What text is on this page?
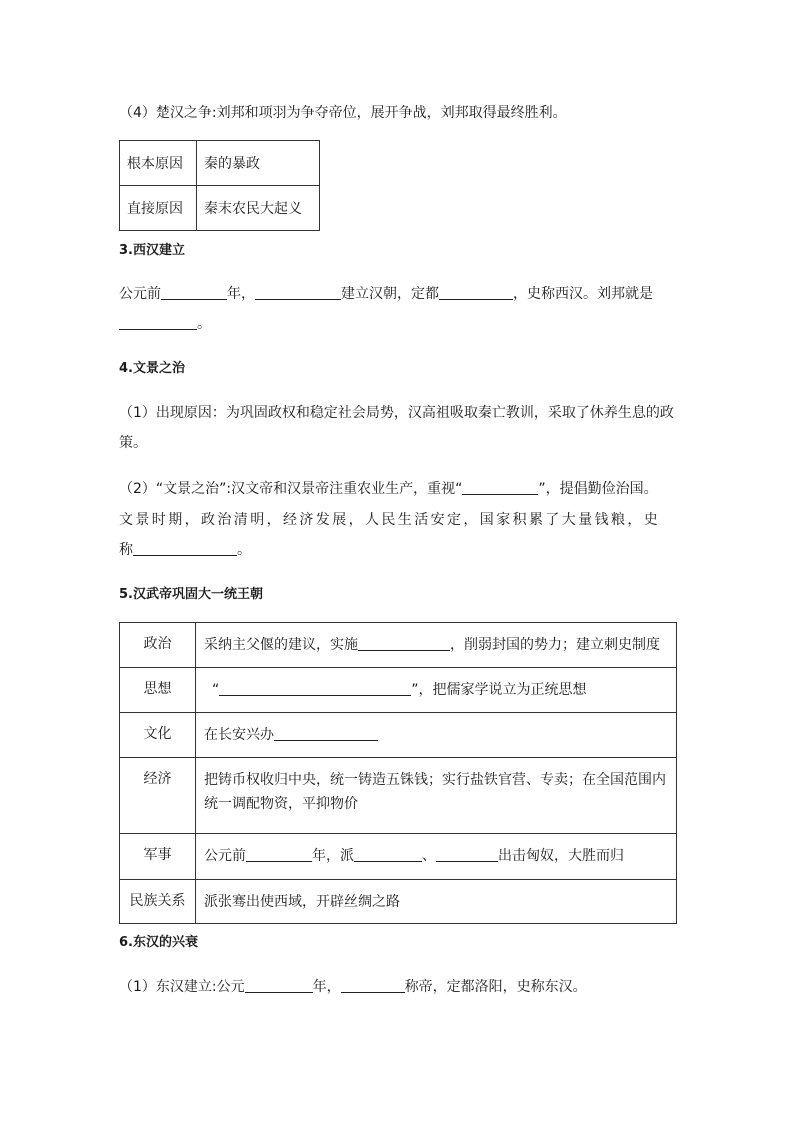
（4）楚汉之争:刘邦和项羽为争夺帝位，展开争战，刘邦取得最终胜利。
根本原因	秦的暴政
直接原因	秦末农民大起义
3.西汉建立
公元前	年，	建立汉朝，定都	，史称西汉。刘邦就是
。
4.文景之治
（1）出现原因：为巩固政权和稳定社会局势，汉高祖吸取秦亡教训，采取了休养生息的政
策。
（2）“文景之治”:汉文帝和汉景帝注重农业生产，重视“	”，提倡勤俭治国。
文景时期，政治清明，经济发展，人民生活安定，国家积累了大量钱粮，史
称	。
5.汉武帝巩固大一统王朝
政治	采纳主父偃的建议，实施 ，削弱封国的势力；建立刺史制度
思想	“ ”，把儒家学说立为正统思想
文化	在长安兴办
经济	把铸币权收归中央，统一铸造五铢钱；实行盐铁官营、专卖；在全国范围内
统一调配物资，平抑物价

军事	公元前 年，派 、 出击匈奴，大胜而归
民族关系	派张骞出使西域，开辟丝绸之路
6.东汉的兴衰
（1）东汉建立:公元	年，	称帝，定都洛阳，史称东汉。
